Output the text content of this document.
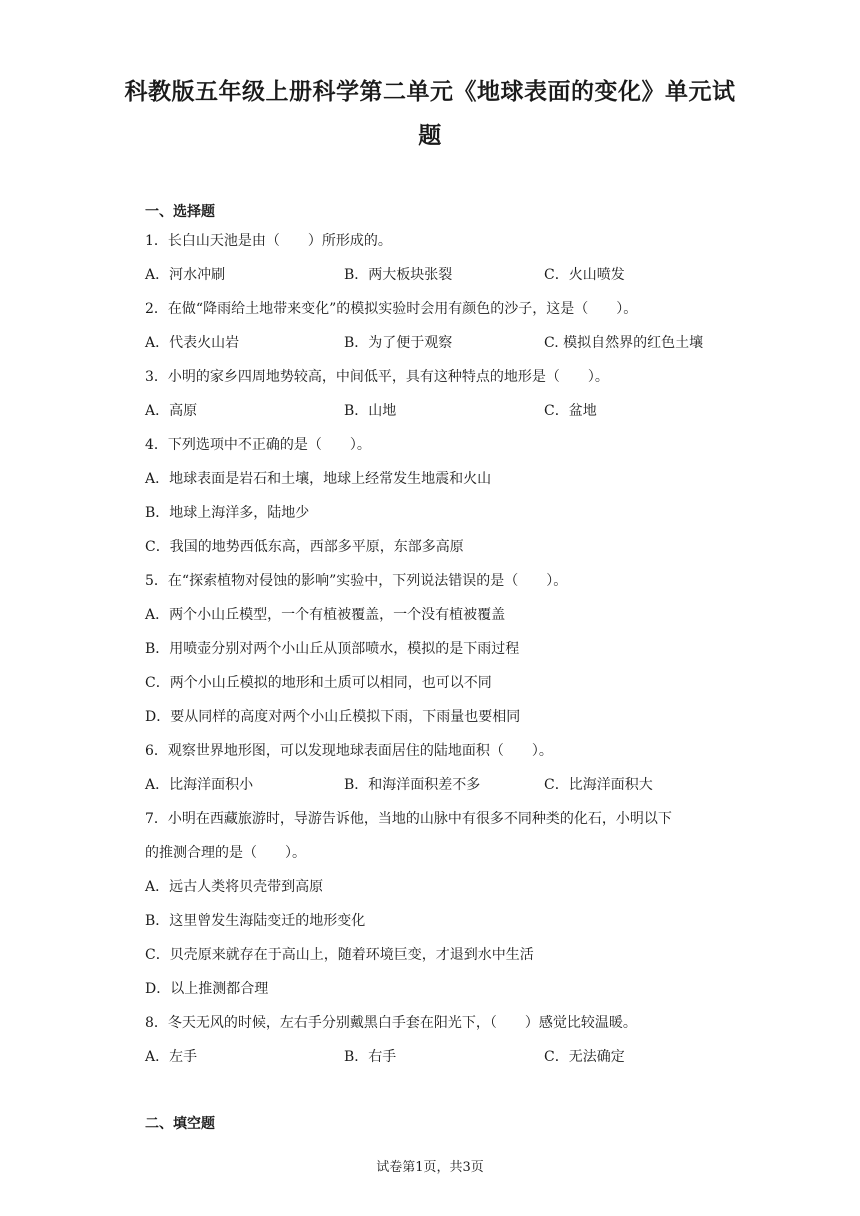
科教版五年级上册科学第二单元《地球表面的变化》单元试
题
一、选择题
1．长白山天池是由（　　）所形成的。
A．河水冲刷	B．两大板块张裂	C．火山喷发
2．在做“降雨给土地带来变化”的模拟实验时会用有颜色的沙子，这是（　　）。
A．代表火山岩	B．为了便于观察	C. 模拟自然界的红色土壤
3．小明的家乡四周地势较高，中间低平，具有这种特点的地形是（　　）。
A．高原	B．山地	C．盆地
4．下列选项中不正确的是（　　）。
A．地球表面是岩石和土壤，地球上经常发生地震和火山
B．地球上海洋多，陆地少
C．我国的地势西低东高，西部多平原，东部多高原
5．在“探索植物对侵蚀的影响”实验中，下列说法错误的是（　　）。
A．两个小山丘模型，一个有植被覆盖，一个没有植被覆盖
B．用喷壶分别对两个小山丘从顶部喷水，模拟的是下雨过程
C．两个小山丘模拟的地形和土质可以相同，也可以不同
D．要从同样的高度对两个小山丘模拟下雨，下雨量也要相同
6．观察世界地形图，可以发现地球表面居住的陆地面积（　　）。
A．比海洋面积小	B．和海洋面积差不多	C．比海洋面积大
7．小明在西藏旅游时，导游告诉他，当地的山脉中有很多不同种类的化石，小明以下
的推测合理的是（　　）。
A．远古人类将贝壳带到高原
B．这里曾发生海陆变迁的地形变化
C．贝壳原来就存在于高山上，随着环境巨变，才退到水中生活
D．以上推测都合理
8．冬天无风的时候，左右手分别戴黑白手套在阳光下，（　　）感觉比较温暖。
A．左手	B．右手	C．无法确定
二、填空题
试卷第1页，共3页
